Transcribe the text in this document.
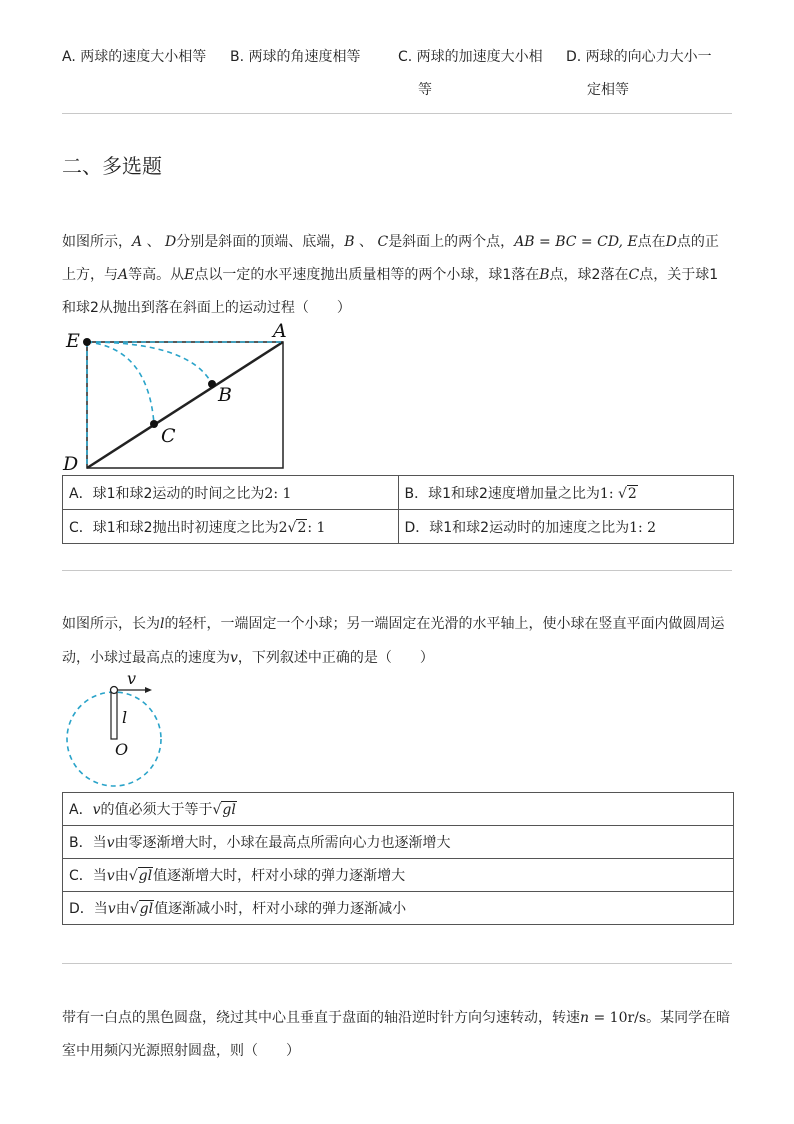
A. 两球的速度大小相等 B. 两球的角速度相等	C. 两球的加速度大小相
等
D. 两球的向心力大小一
定相等
二、多选题
如图所示，A 、 D分别是斜面的顶端、底端，B 、 C是斜面上的两个点，AB = BC = CD, E点在D点的正
上方，与A等高。从E点以一定的水平速度抛出质量相等的两个小球，球1落在B点，球2落在C点，关于球1
和球2从抛出到落在斜面上的运动过程（　　）
E	A
B
C
D
A．球1和球2运动的时间之比为2: 1	B．球1和球2速度增加量之比为1: √2
C．球1和球2抛出时初速度之比为2√2: 1	D．球1和球2运动时的加速度之比为1: 2
如图所示，长为l的轻杆，一端固定一个小球；另一端固定在光滑的水平轴上，使小球在竖直平面内做圆周运
动，小球过最高点的速度为v，下列叙述中正确的是（　　）
v
l
O
A．v的值必须大于等于√gl
B．当v由零逐渐增大时，小球在最高点所需向心力也逐渐增大
C．当v由√gl值逐渐增大时，杆对小球的弹力逐渐增大
D．当v由√gl值逐渐减小时，杆对小球的弹力逐渐减小
带有一白点的黑色圆盘，绕过其中心且垂直于盘面的轴沿逆时针方向匀速转动，转速n = 10r/s。某同学在暗
室中用频闪光源照射圆盘，则（　　）
